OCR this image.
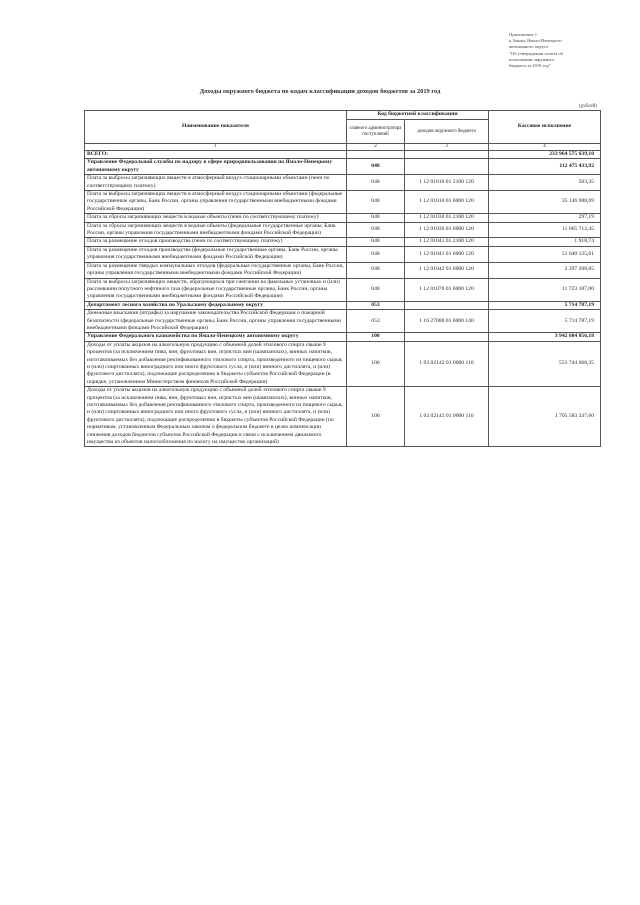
Приложение 1
к Закону Ямало-Ненецкого
автономного округа
"Об утверждении отчета об
исполнении окружного
бюджета за 2019 год"
Доходы окружного бюджета по кодам классификации доходов бюджетов за 2019 год
(рублей)
Наименование показателя	Код бюджетной классификации		Кассовое исполнение
	главного администратора поступлений	доходов окружного бюджета	
1	2	3	4
ВСЕГО:			233 964 575 639,10
Управление Федеральной службы по надзору в сфере природопользования по Ямало-Ненецкому автономному округу	048		112 475 433,92
Плата за выбросы загрязняющих веществ в атмосферный воздух стационарными объектами (пени по соответствующему платежу)	048	1 12 01010 01 2100 120	503,35
Плата за выбросы загрязняющих веществ в атмосферный воздух стационарными объектами (федеральные государственные органы, Банк России, органы управления государственными внебюджетными фондами Российской Федерации)	048	1 12 01010 01 6000 120	35 146 088,69
Плата за сбросы загрязняющих веществ в водные объекты (пени по соответствующему платежу)	048	1 12 01030 01 2100 120	297,19
Плата за сбросы загрязняющих веществ в водные объекты (федеральные государственные органы, Банк России, органы управления государственными внебюджетными фондами Российской Федерации)	048	1 12 01030 01 6000 120	11 665 712,45
Плата за размещение отходов производства (пени по соответствующему платежу)	048	1 12 01041 01 2100 120	1 918,74
Плата за размещение отходов производства (федеральные государственные органы, Банк России, органы управления государственными внебюджетными фондами Российской Федерации)	048	1 12 01041 01 6000 120	51 640 125,61
Плата за размещение твердых коммунальных отходов (федеральные государственные органы, Банк России, органы управления государственными внебюджетными фондами Российской Федерации)	048	1 12 01042 01 6000 120	2 297 208,85
Плата за выбросы загрязняющих веществ, образующихся при сжигании на факельных установках и (или) рассеивании попутного нефтяного газа (федеральные государственные органы, Банк России, органы управления государственными внебюджетными фондами Российской Федерации)	048	1 12 01070 01 6000 120	11 723 187,00
Департамент лесного хозяйства по Уральскому федеральному округу	053		5 714 787,19
Денежные взыскания (штрафы) за нарушение законодательства Российской Федерации о пожарной безопасности (федеральные государственные органы, Банк России, органы управления государственными внебюджетными фондами Российской Федерации)	053	1 16 27000 01 6000 140	5 714 787,19
Управление Федерального казначейства по Ямало-Ненецкому автономному округу	100		3 942 684 856,18
Доходы от уплаты акцизов на алкогольную продукцию с объемной долей этилового спирта свыше 9 процентов (за исключением пива, вин, фруктовых вин, игристых вин (шампанских), винных напитков, изготавливаемых без добавления ректификованного этилового спирта, произведенного из пищевого сырья, и (или) спиртованных виноградного или иного фруктового сусла, и (или) винного дистиллята, и (или) фруктового дистиллята), подлежащие распределению в бюджеты субъектов Российской Федерации (в порядке, установленном Министерством финансов Российской Федерации)	100	1 03 02142 01 0000 110	553 744 668,35
Доходы от уплаты акцизов на алкогольную продукцию с объемной долей этилового спирта свыше 9 процентов (за исключением пива, вин, фруктовых вин, игристых вин (шампанских), винных напитков, изготавливаемых без добавления ректификованного этилового спирта, произведенного из пищевого сырья, и (или) спиртованных виноградного или иного фруктового сусла, и (или) винного дистиллята, и (или) фруктового дистиллята), подлежащие распределению в бюджеты субъектов Российской Федерации (по нормативам, установленным Федеральным законом о федеральном бюджете в целях компенсации снижения доходов бюджетов субъектов Российской Федерации в связи с исключением движимого имущества из объектов налогообложения по налогу на имущество организаций)	100	1 03 02143 01 0000 110	1 705 583 337,60
